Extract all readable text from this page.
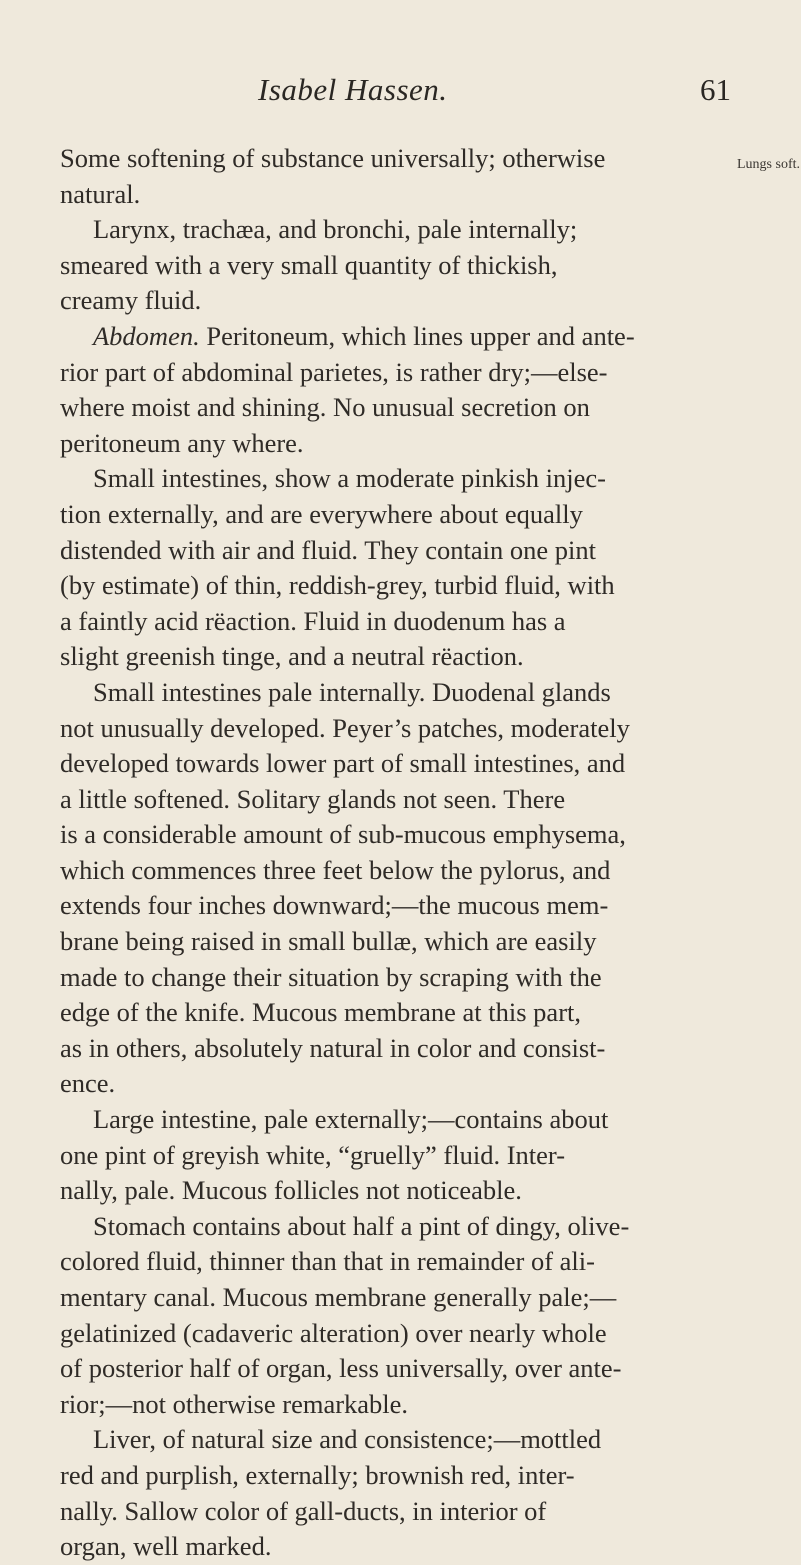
Isabel Hassen.	61
Lungs soft.
Some softening of substance universally; otherwise
natural.
Larynx, trachæa, and bronchi, pale internally;
smeared with a very small quantity of thickish,
creamy fluid.
Abdomen. Peritoneum, which lines upper and ante-
rior part of abdominal parietes, is rather dry;—else-
where moist and shining. No unusual secretion on
peritoneum any where.
Small intestines, show a moderate pinkish injec-
tion externally, and are everywhere about equally
distended with air and fluid. They contain one pint
(by estimate) of thin, reddish-grey, turbid fluid, with
a faintly acid rëaction. Fluid in duodenum has a
slight greenish tinge, and a neutral rëaction.
Small intestines pale internally. Duodenal glands
not unusually developed. Peyer’s patches, moderately
developed towards lower part of small intestines, and
a little softened. Solitary glands not seen. There
is a considerable amount of sub-mucous emphysema,
which commences three feet below the pylorus, and
extends four inches downward;—the mucous mem-
brane being raised in small bullæ, which are easily
made to change their situation by scraping with the
edge of the knife. Mucous membrane at this part,
as in others, absolutely natural in color and consist-
ence.
Large intestine, pale externally;—contains about
one pint of greyish white, “gruelly” fluid. Inter-
nally, pale. Mucous follicles not noticeable.
Stomach contains about half a pint of dingy, olive-
colored fluid, thinner than that in remainder of ali-
mentary canal. Mucous membrane generally pale;—
gelatinized (cadaveric alteration) over nearly whole
of posterior half of organ, less universally, over ante-
rior;—not otherwise remarkable.
Liver, of natural size and consistence;—mottled
red and purplish, externally; brownish red, inter-
nally. Sallow color of gall-ducts, in interior of
organ, well marked.
